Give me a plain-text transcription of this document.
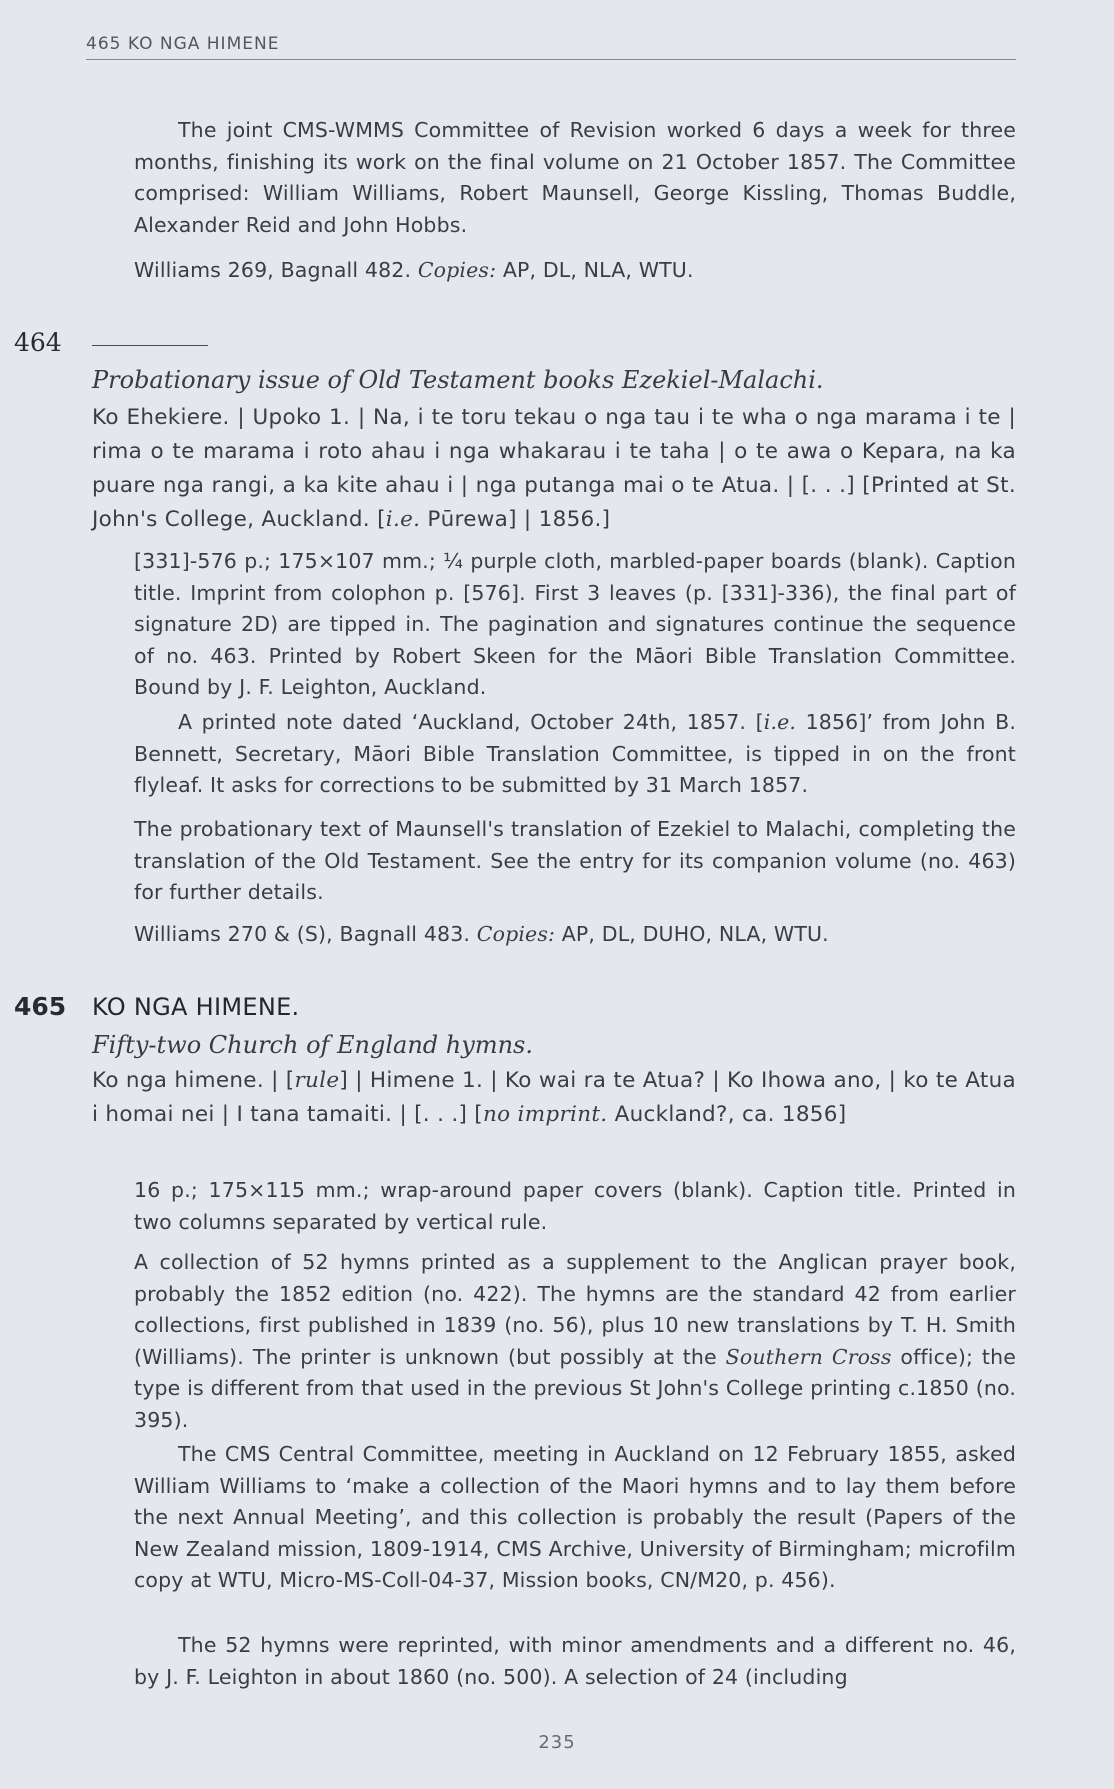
465 KO NGA HIMENE
The joint CMS-WMMS Committee of Revision worked 6 days a week for three months, finishing its work on the final volume on 21 October 1857. The Committee comprised: William Williams, Robert Maunsell, George Kissling, Thomas Buddle, Alexander Reid and John Hobbs.
Williams 269, Bagnall 482. Copies: AP, DL, NLA, WTU.
464
Probationary issue of Old Testament books Ezekiel-Malachi.
Ko Ehekiere. | Upoko 1. | Na, i te toru tekau o nga tau i te wha o nga marama i te | rima o te marama i roto ahau i nga whakarau i te taha | o te awa o Kepara, na ka puare nga rangi, a ka kite ahau i | nga putanga mai o te Atua. | [. . .] [Printed at St. John's College, Auckland. [i.e. Pūrewa] | 1856.]
[331]-576 p.; 175×107 mm.; ¼ purple cloth, marbled-paper boards (blank). Caption title. Imprint from colophon p. [576]. First 3 leaves (p. [331]-336), the final part of signature 2D) are tipped in. The pagination and signatures continue the sequence of no. 463. Printed by Robert Skeen for the Māori Bible Translation Committee. Bound by J. F. Leighton, Auckland.
A printed note dated ‘Auckland, October 24th, 1857. [i.e. 1856]’ from John B. Bennett, Secretary, Māori Bible Translation Committee, is tipped in on the front flyleaf. It asks for corrections to be submitted by 31 March 1857.
The probationary text of Maunsell's translation of Ezekiel to Malachi, completing the translation of the Old Testament. See the entry for its companion volume (no. 463) for further details.
Williams 270 & (S), Bagnall 483. Copies: AP, DL, DUHO, NLA, WTU.
465 KO NGA HIMENE.
Fifty-two Church of England hymns.
Ko nga himene. | [rule] | Himene 1. | Ko wai ra te Atua? | Ko Ihowa ano, | ko te Atua i homai nei | I tana tamaiti. | [. . .] [no imprint. Auckland?, ca. 1856]
16 p.; 175×115 mm.; wrap-around paper covers (blank). Caption title. Printed in two columns separated by vertical rule.
A collection of 52 hymns printed as a supplement to the Anglican prayer book, probably the 1852 edition (no. 422). The hymns are the standard 42 from earlier collections, first published in 1839 (no. 56), plus 10 new translations by T. H. Smith (Williams). The printer is unknown (but possibly at the Southern Cross office); the type is different from that used in the previous St John's College printing c.1850 (no. 395).
The CMS Central Committee, meeting in Auckland on 12 February 1855, asked William Williams to ‘make a collection of the Maori hymns and to lay them before the next Annual Meeting’, and this collection is probably the result (Papers of the New Zealand mission, 1809-1914, CMS Archive, University of Birmingham; microfilm copy at WTU, Micro-MS-Coll-04-37, Mission books, CN/M20, p. 456).
The 52 hymns were reprinted, with minor amendments and a different no. 46, by J. F. Leighton in about 1860 (no. 500). A selection of 24 (including
235
